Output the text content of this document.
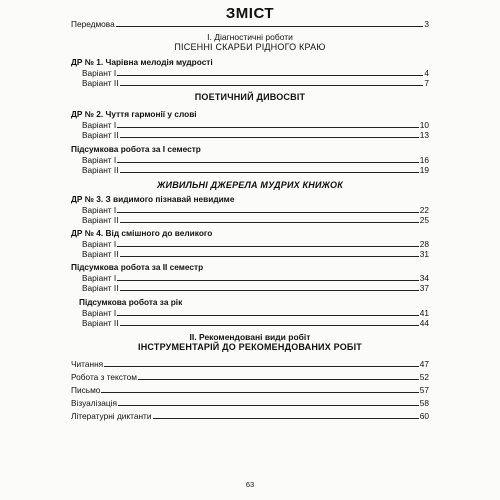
ЗМІСТ
Передмова	3
І. Діагностичні роботи
ПІСЕННІ СКАРБИ РІДНОГО КРАЮ
ДР № 1. Чарівна мелодія мудрості
Варіант І	4
Варіант ІІ	7
ПОЕТИЧНИЙ ДИВОСВІТ
ДР № 2. Чуття гармонії у слові
Варіант І	10
Варіант ІІ	13
Підсумкова робота за І семестр
Варіант І	16
Варіант ІІ	19
ЖИВИЛЬНІ ДЖЕРЕЛА МУДРИХ КНИЖОК
ДР № 3. З видимого пізнавай невидиме
Варіант І	22
Варіант ІІ	25
ДР № 4. Від смішного до великого
Варіант І	28
Варіант ІІ	31
Підсумкова робота за ІІ семестр
Варіант І	34
Варіант ІІ	37
Підсумкова робота за рік
Варіант І	41
Варіант ІІ	44
ІІ. Рекомендовані види робіт
ІНСТРУМЕНТАРІЙ ДО РЕКОМЕНДОВАНИХ РОБІТ
Читання	47
Робота з текстом	52
Письмо	57
Візуалізація	58
Літературні диктанти	60
63
